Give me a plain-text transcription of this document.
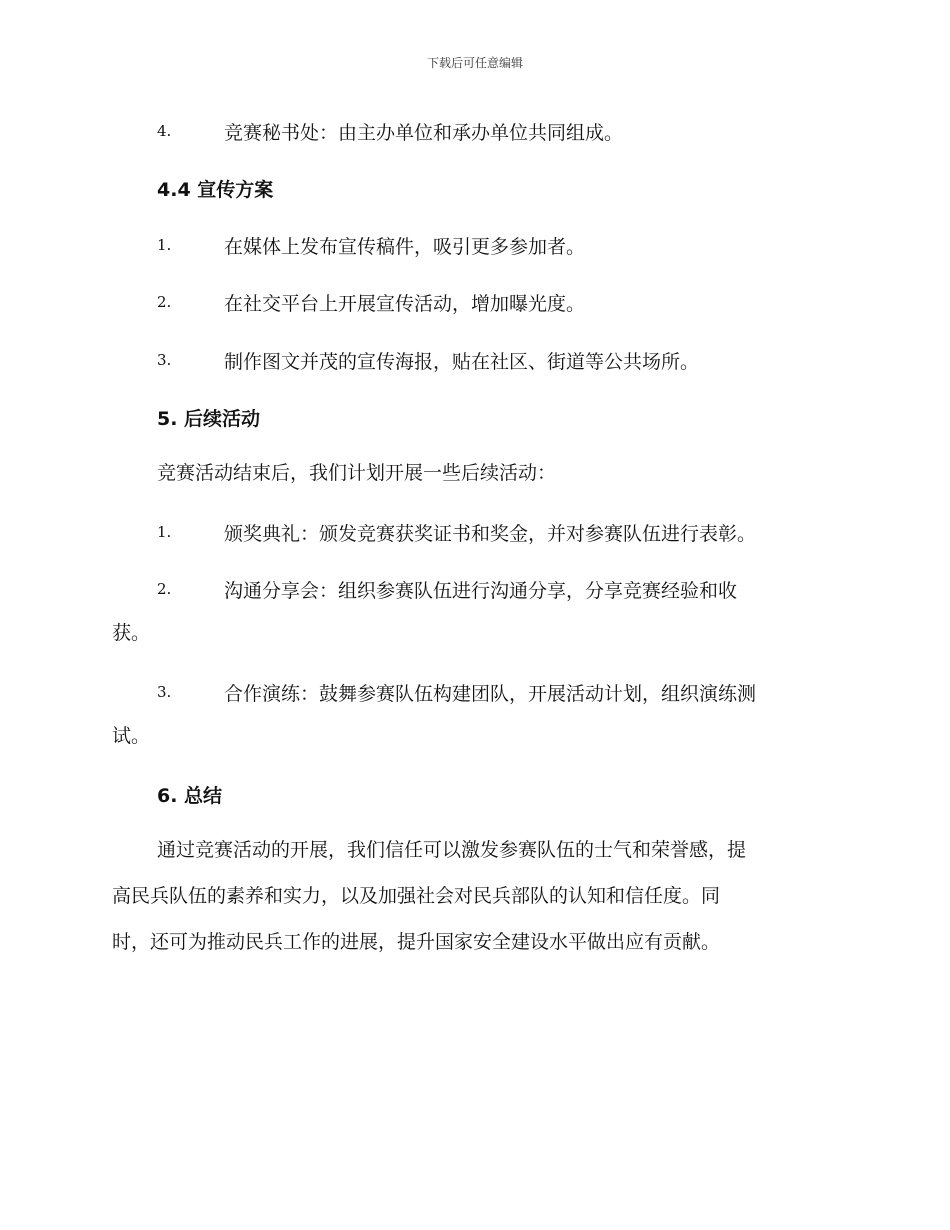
下载后可任意编辑
4.	竞赛秘书处：由主办单位和承办单位共同组成。
4.4 宣传方案
1.	在媒体上发布宣传稿件，吸引更多参加者。
2.	在社交平台上开展宣传活动，增加曝光度。
3.	制作图文并茂的宣传海报，贴在社区、街道等公共场所。
5. 后续活动
竞赛活动结束后，我们计划开展一些后续活动：
1.	颁奖典礼：颁发竞赛获奖证书和奖金，并对参赛队伍进行表彰。
2.	沟通分享会：组织参赛队伍进行沟通分享，分享竞赛经验和收
获。
3.	合作演练：鼓舞参赛队伍构建团队，开展活动计划，组织演练测
试。
6. 总结
通过竞赛活动的开展，我们信任可以激发参赛队伍的士气和荣誉感，提
高民兵队伍的素养和实力，以及加强社会对民兵部队的认知和信任度。同
时，还可为推动民兵工作的进展，提升国家安全建设水平做出应有贡献。
